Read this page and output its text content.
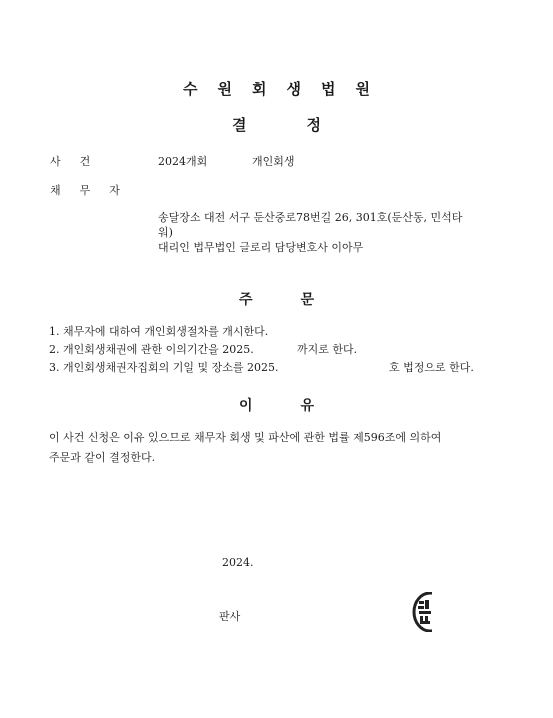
수원회생법원
결정
사건	2024개회	개인회생
채무자
송달장소 대전 서구 둔산중로78번길 26, 301호(둔산동, 민석타
워)
대리인 법무법인 글로리 담당변호사 이아무
주문
1. 채무자에 대하여 개인회생절차를 개시한다.
2. 개인회생채권에 관한 이의기간을 2025.	까지로 한다.
3. 개인회생채권자집회의 기일 및 장소를 2025.	호 법정으로 한다.
이유
이 사건 신청은 이유 있으므로 채무자 회생 및 파산에 관한 법률 제596조에 의하여
주문과 같이 결정한다.
2024.
판사
